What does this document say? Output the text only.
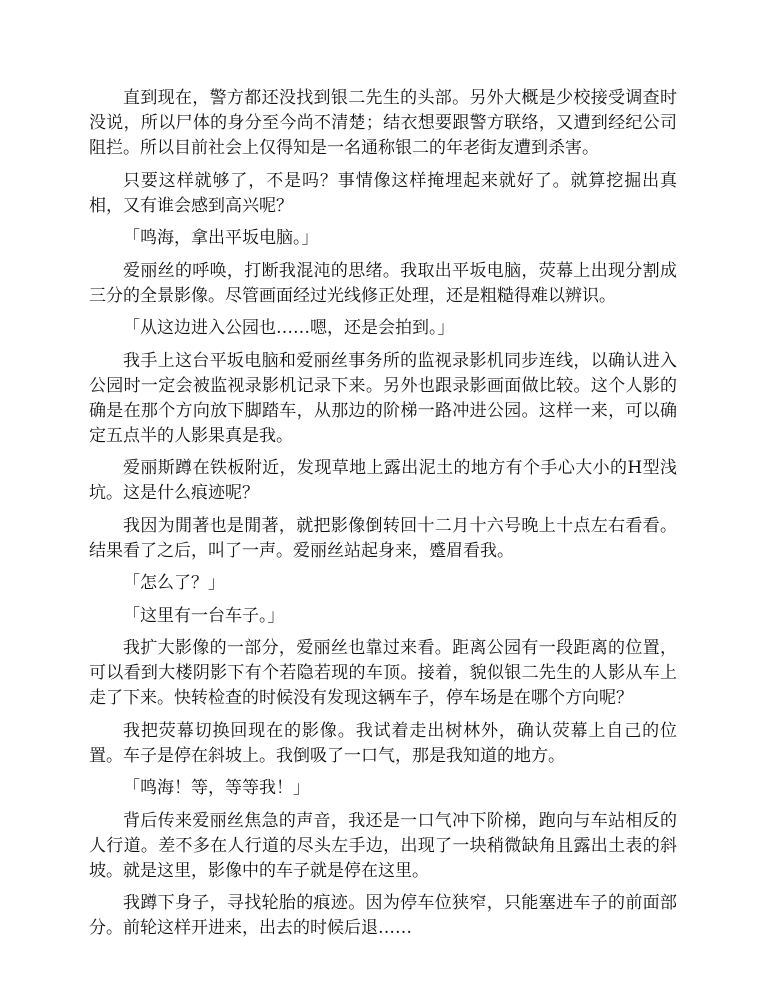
直到现在，警方都还没找到银二先生的头部。另外大概是少校接受调查时没说，所以尸体的身分至今尚不清楚；结衣想要跟警方联络，又遭到经纪公司阻拦。所以目前社会上仅得知是一名通称银二的年老街友遭到杀害。

只要这样就够了，不是吗？事情像这样掩埋起来就好了。就算挖掘出真相，又有谁会感到高兴呢？

「鸣海，拿出平坂电脑。」

爱丽丝的呼唤，打断我混沌的思绪。我取出平坂电脑，荧幕上出现分割成三分的全景影像。尽管画面经过光线修正处理，还是粗糙得难以辨识。

「从这边进入公园也……嗯，还是会拍到。」

我手上这台平坂电脑和爱丽丝事务所的监视录影机同步连线，以确认进入公园时一定会被监视录影机记录下来。另外也跟录影画面做比较。这个人影的确是在那个方向放下脚踏车，从那边的阶梯一路冲进公园。这样一来，可以确定五点半的人影果真是我。

爱丽斯蹲在铁板附近，发现草地上露出泥土的地方有个手心大小的H型浅坑。这是什么痕迹呢？

我因为閒著也是閒著，就把影像倒转回十二月十六号晚上十点左右看看。结果看了之后，叫了一声。爱丽丝站起身来，蹙眉看我。

「怎么了？」

「这里有一台车子。」

我扩大影像的一部分，爱丽丝也靠过来看。距离公园有一段距离的位置，可以看到大楼阴影下有个若隐若现的车顶。接着，貌似银二先生的人影从车上走了下来。快转检查的时候没有发现这辆车子，停车场是在哪个方向呢？

我把荧幕切换回现在的影像。我试着走出树林外，确认荧幕上自己的位置。车子是停在斜坡上。我倒吸了一口气，那是我知道的地方。

「鸣海！等，等等我！」

背后传来爱丽丝焦急的声音，我还是一口气冲下阶梯，跑向与车站相反的人行道。差不多在人行道的尽头左手边，出现了一块稍微缺角且露出土表的斜坡。就是这里，影像中的车子就是停在这里。

我蹲下身子，寻找轮胎的痕迹。因为停车位狭窄，只能塞进车子的前面部分。前轮这样开进来，出去的时候后退……
